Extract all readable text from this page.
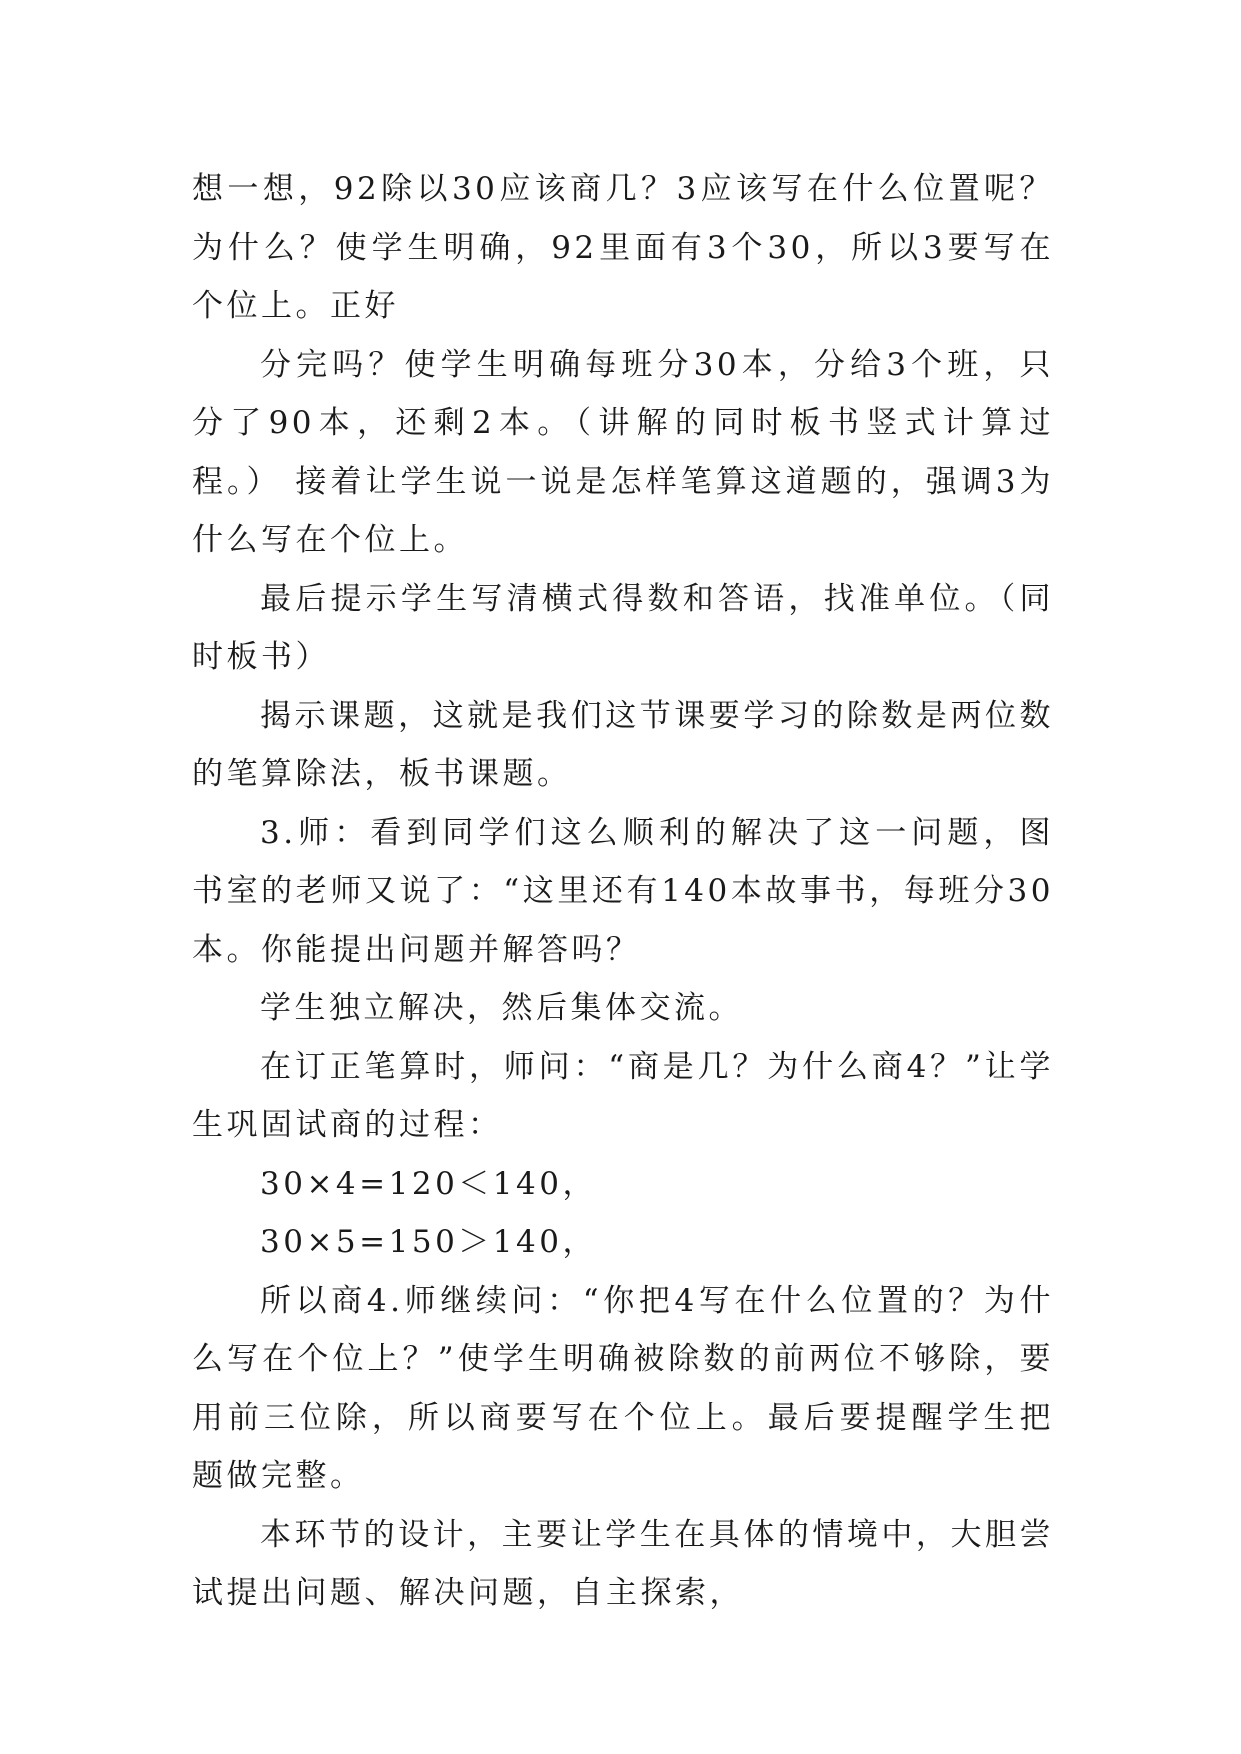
想一想，92除以30应该商几？3应该写在什么位置呢？为什么？使学生明确，92里面有3个30，所以3要写在个位上。正好

分完吗？使学生明确每班分30本，分给3个班，只分了90本，还剩2本。（讲解的同时板书竖式计算过程。） 接着让学生说一说是怎样笔算这道题的，强调3为什么写在个位上。

最后提示学生写清横式得数和答语，找准单位。（同时板书）

揭示课题，这就是我们这节课要学习的除数是两位数的笔算除法，板书课题。

3.师：看到同学们这么顺利的解决了这一问题，图书室的老师又说了：“这里还有140本故事书，每班分30本。你能提出问题并解答吗？

学生独立解决，然后集体交流。

在订正笔算时，师问：“商是几？为什么商4？”让学生巩固试商的过程：

30×4=120＜140，

30×5=150＞140，

所以商4.师继续问：“你把4写在什么位置的？为什么写在个位上？”使学生明确被除数的前两位不够除，要用前三位除，所以商要写在个位上。最后要提醒学生把题做完整。

本环节的设计，主要让学生在具体的情境中，大胆尝试提出问题、解决问题，自主探索，
